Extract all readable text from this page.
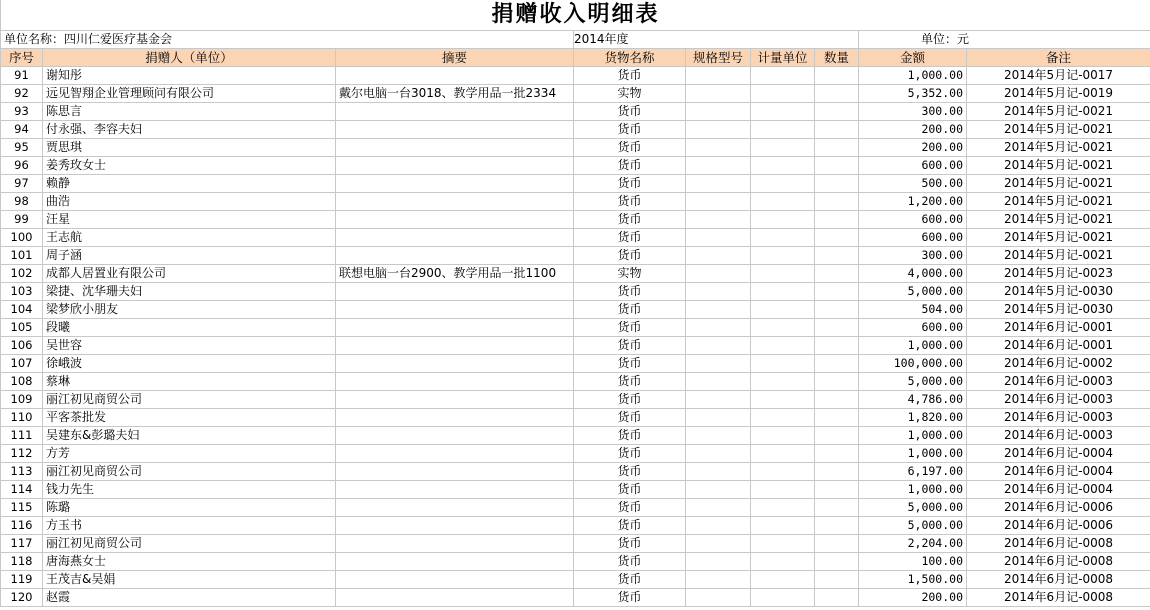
捐赠收入明细表								
单位名称：四川仁爱医疗基金会			2014年度				单位：元	
序号	捐赠人（单位）	摘要	货物名称	规格型号	计量单位	数量	金额	备注
91	谢知彤		货币				1,000.00	2014年5月记-0017
92	远见智翔企业管理顾问有限公司	戴尔电脑一台3018、教学用品一批2334	实物				5,352.00	2014年5月记-0019
93	陈思言		货币				300.00	2014年5月记-0021
94	付永强、李容夫妇		货币				200.00	2014年5月记-0021
95	贾思琪		货币				200.00	2014年5月记-0021
96	姜秀玫女士		货币				600.00	2014年5月记-0021
97	赖静		货币				500.00	2014年5月记-0021
98	曲浩		货币				1,200.00	2014年5月记-0021
99	汪星		货币				600.00	2014年5月记-0021
100	王志航		货币				600.00	2014年5月记-0021
101	周子涵		货币				300.00	2014年5月记-0021
102	成都人居置业有限公司	联想电脑一台2900、教学用品一批1100	实物				4,000.00	2014年5月记-0023
103	梁捷、沈华珊夫妇		货币				5,000.00	2014年5月记-0030
104	梁梦欣小朋友		货币				504.00	2014年5月记-0030
105	段曦		货币				600.00	2014年6月记-0001
106	吴世容		货币				1,000.00	2014年6月记-0001
107	徐峨波		货币				100,000.00	2014年6月记-0002
108	蔡琳		货币				5,000.00	2014年6月记-0003
109	丽江初见商贸公司		货币				4,786.00	2014年6月记-0003
110	平客茶批发		货币				1,820.00	2014年6月记-0003
111	吴建东&彭璐夫妇		货币				1,000.00	2014年6月记-0003
112	方芳		货币				1,000.00	2014年6月记-0004
113	丽江初见商贸公司		货币				6,197.00	2014年6月记-0004
114	钱力先生		货币				1,000.00	2014年6月记-0004
115	陈璐		货币				5,000.00	2014年6月记-0006
116	方玉书		货币				5,000.00	2014年6月记-0006
117	丽江初见商贸公司		货币				2,204.00	2014年6月记-0008
118	唐海燕女士		货币				100.00	2014年6月记-0008
119	王茂吉&吴娟		货币				1,500.00	2014年6月记-0008
120	赵霞		货币				200.00	2014年6月记-0008
